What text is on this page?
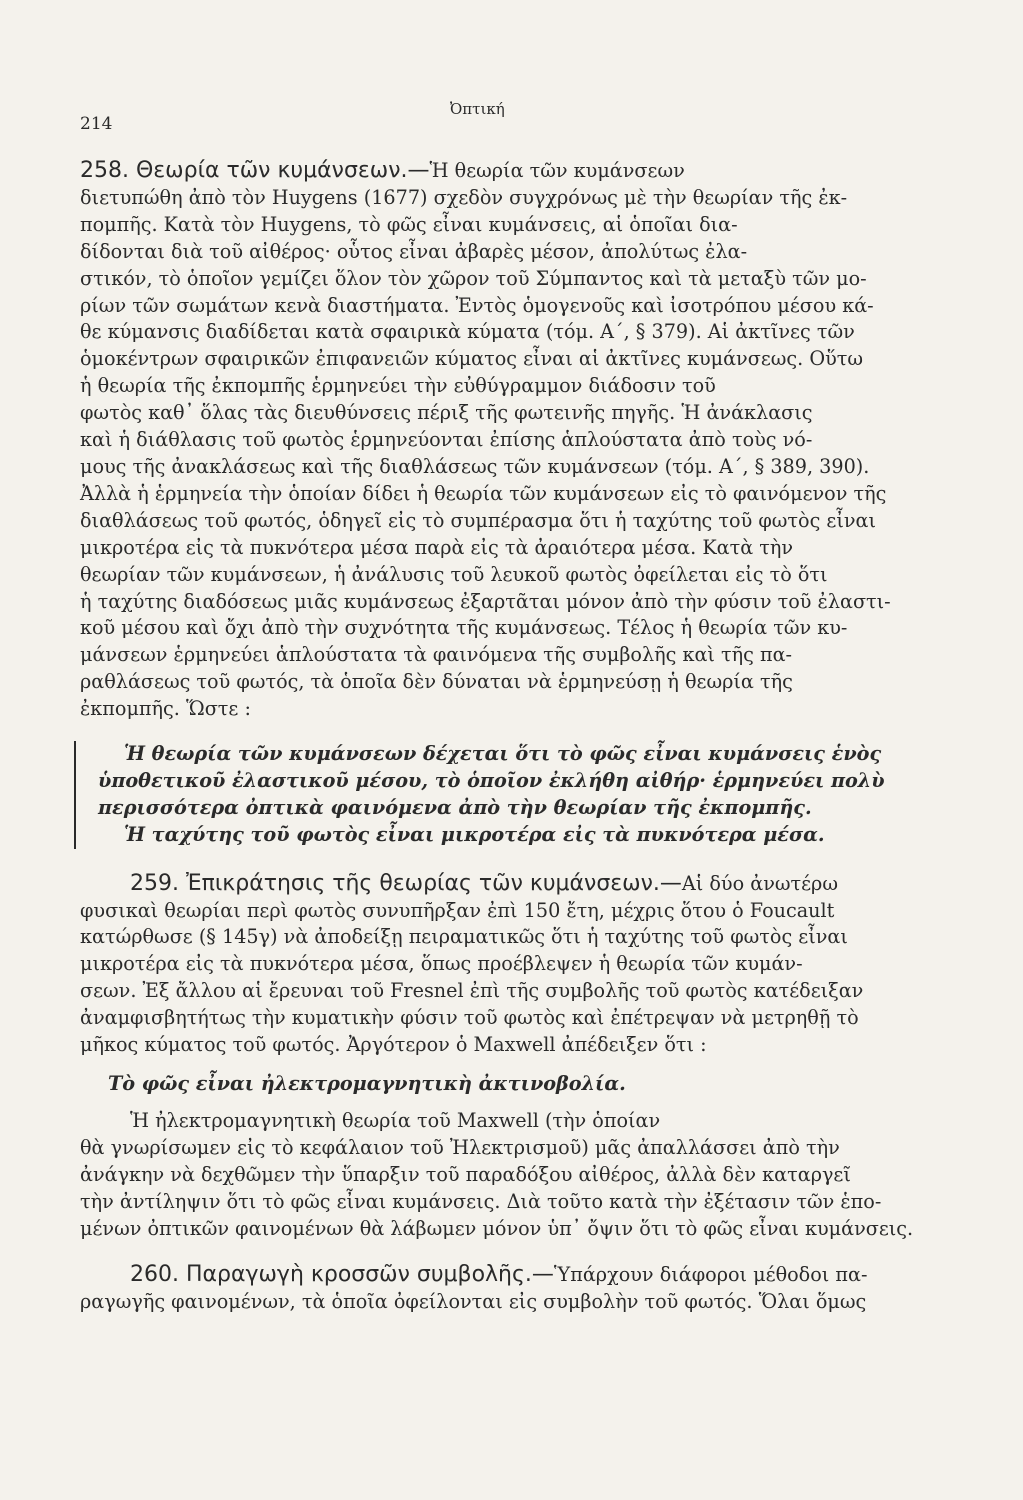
214
Ὀπτική
258. Θεωρία τῶν κυμάνσεων.—Ἡ θεωρία τῶν κυμάνσεων
διετυπώθη ἀπὸ τὸν Huygens (1677) σχεδὸν συγχρόνως μὲ τὴν θεωρίαν τῆς ἐκ-
πομπῆς. Κατὰ τὸν Huygens, τὸ φῶς εἶναι κυμάνσεις, αἱ ὁποῖαι δια-
δίδονται διὰ τοῦ αἰθέρος· οὗτος εἶναι ἀβαρὲς μέσον, ἀπολύτως ἐλα-
στικόν, τὸ ὁποῖον γεμίζει ὅλον τὸν χῶρον τοῦ Σύμπαντος καὶ τὰ μεταξὺ τῶν μο-
ρίων τῶν σωμάτων κενὰ διαστήματα. Ἐντὸς ὁμογενοῦς καὶ ἰσοτρόπου μέσου κά-
θε κύμανσις διαδίδεται κατὰ σφαιρικὰ κύματα (τόμ. Α΄, § 379). Αἱ ἀκτῖνες τῶν
ὁμοκέντρων σφαιρικῶν ἐπιφανειῶν κύματος εἶναι αἱ ἀκτῖνες κυμάνσεως. Οὕτω
ἡ θεωρία τῆς ἐκπομπῆς ἑρμηνεύει τὴν εὐθύγραμμον διάδοσιν τοῦ
φωτὸς καθ᾿ ὅλας τὰς διευθύνσεις πέριξ τῆς φωτεινῆς πηγῆς. Ἡ ἀνάκλασις
καὶ ἡ διάθλασις τοῦ φωτὸς ἑρμηνεύονται ἐπίσης ἁπλούστατα ἀπὸ τοὺς νό-
μους τῆς ἀνακλάσεως καὶ τῆς διαθλάσεως τῶν κυμάνσεων (τόμ. Α΄, § 389, 390).
Ἀλλὰ ἡ ἑρμηνεία τὴν ὁποίαν δίδει ἡ θεωρία τῶν κυμάνσεων εἰς τὸ φαινόμενον τῆς
διαθλάσεως τοῦ φωτός, ὁδηγεῖ εἰς τὸ συμπέρασμα ὅτι ἡ ταχύτης τοῦ φωτὸς εἶναι
μικροτέρα εἰς τὰ πυκνότερα μέσα παρὰ εἰς τὰ ἀραιότερα μέσα. Κατὰ τὴν
θεωρίαν τῶν κυμάνσεων, ἡ ἀνάλυσις τοῦ λευκοῦ φωτὸς ὀφείλεται εἰς τὸ ὅτι
ἡ ταχύτης διαδόσεως μιᾶς κυμάνσεως ἐξαρτᾶται μόνον ἀπὸ τὴν φύσιν τοῦ ἐλαστι-
κοῦ μέσου καὶ ὄχι ἀπὸ τὴν συχνότητα τῆς κυμάνσεως. Τέλος ἡ θεωρία τῶν κυ-
μάνσεων ἑρμηνεύει ἁπλούστατα τὰ φαινόμενα τῆς συμβολῆς καὶ τῆς πα-
ραθλάσεως τοῦ φωτός, τὰ ὁποῖα δὲν δύναται νὰ ἑρμηνεύσῃ ἡ θεωρία τῆς
ἐκπομπῆς. Ὥστε :
Ἡ θεωρία τῶν κυμάνσεων δέχεται ὅτι τὸ φῶς εἶναι κυμάνσεις ἑνὸς
ὑποθετικοῦ ἐλαστικοῦ μέσου, τὸ ὁποῖον ἐκλήθη αἰθήρ· ἑρμηνεύει πολὺ
περισσότερα ὀπτικὰ φαινόμενα ἀπὸ τὴν θεωρίαν τῆς ἐκπομπῆς.
Ἡ ταχύτης τοῦ φωτὸς εἶναι μικροτέρα εἰς τὰ πυκνότερα μέσα.
259. Ἐπικράτησις τῆς θεωρίας τῶν κυμάνσεων.—Αἱ δύο ἀνωτέρω
φυσικαὶ θεωρίαι περὶ φωτὸς συνυπῆρξαν ἐπὶ 150 ἔτη, μέχρις ὅτου ὁ Foucault
κατώρθωσε (§ 145γ) νὰ ἀποδείξῃ πειραματικῶς ὅτι ἡ ταχύτης τοῦ φωτὸς εἶναι
μικροτέρα εἰς τὰ πυκνότερα μέσα, ὅπως προέβλεψεν ἡ θεωρία τῶν κυμάν-
σεων. Ἐξ ἄλλου αἱ ἔρευναι τοῦ Fresnel ἐπὶ τῆς συμβολῆς τοῦ φωτὸς κατέδειξαν
ἀναμφισβητήτως τὴν κυματικὴν φύσιν τοῦ φωτὸς καὶ ἐπέτρεψαν νὰ μετρηθῇ τὸ
μῆκος κύματος τοῦ φωτός. Ἀργότερον ὁ Maxwell ἀπέδειξεν ὅτι :
Τὸ φῶς εἶναι ἠλεκτρομαγνητικὴ ἀκτινοβολία.
Ἡ ἠλεκτρομαγνητικὴ θεωρία τοῦ Maxwell (τὴν ὁποίαν
θὰ γνωρίσωμεν εἰς τὸ κεφάλαιον τοῦ Ἠλεκτρισμοῦ) μᾶς ἀπαλλάσσει ἀπὸ τὴν
ἀνάγκην νὰ δεχθῶμεν τὴν ὕπαρξιν τοῦ παραδόξου αἰθέρος, ἀλλὰ δὲν καταργεῖ
τὴν ἀντίληψιν ὅτι τὸ φῶς εἶναι κυμάνσεις. Διὰ τοῦτο κατὰ τὴν ἐξέτασιν τῶν ἑπο-
μένων ὀπτικῶν φαινομένων θὰ λάβωμεν μόνον ὑπ᾿ ὄψιν ὅτι τὸ φῶς εἶναι κυμάνσεις.
260. Παραγωγὴ κροσσῶν συμβολῆς.—Ὑπάρχουν διάφοροι μέθοδοι πα-
ραγωγῆς φαινομένων, τὰ ὁποῖα ὀφείλονται εἰς συμβολὴν τοῦ φωτός. Ὅλαι ὅμως
